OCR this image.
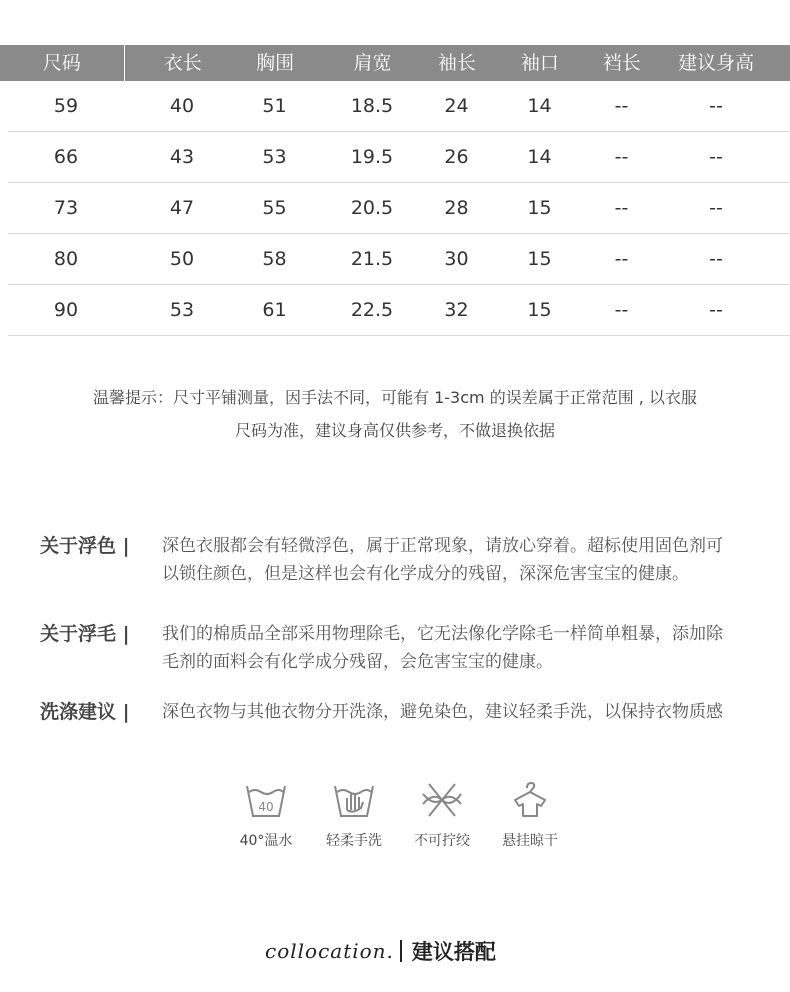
尺码	衣长	胸围	肩宽	袖长	袖口	裆长	建议身高
59	40	51	18.5	24	14	--	--
66	43	53	19.5	26	14	--	--
73	47	55	20.5	28	15	--	--
80	50	58	21.5	30	15	--	--
90	53	61	22.5	32	15	--	--
温馨提示：尺寸平铺测量，因手法不同，可能有 1-3cm 的误差属于正常范围 , 以衣服
尺码为准，建议身高仅供参考，不做退换依据
关于浮色 |	深色衣服都会有轻微浮色，属于正常现象，请放心穿着。超标使用固色剂可以锁住颜色，但是这样也会有化学成分的残留，深深危害宝宝的健康。
关于浮毛 |	我们的棉质品全部采用物理除毛，它无法像化学除毛一样简单粗暴，添加除毛剂的面料会有化学成分残留，会危害宝宝的健康。
洗涤建议 |	深色衣物与其他衣物分开洗涤，避免染色，建议轻柔手洗，以保持衣物质感
40
40°温水	轻柔手洗	不可拧绞	悬挂晾干
collocation. 建议搭配
